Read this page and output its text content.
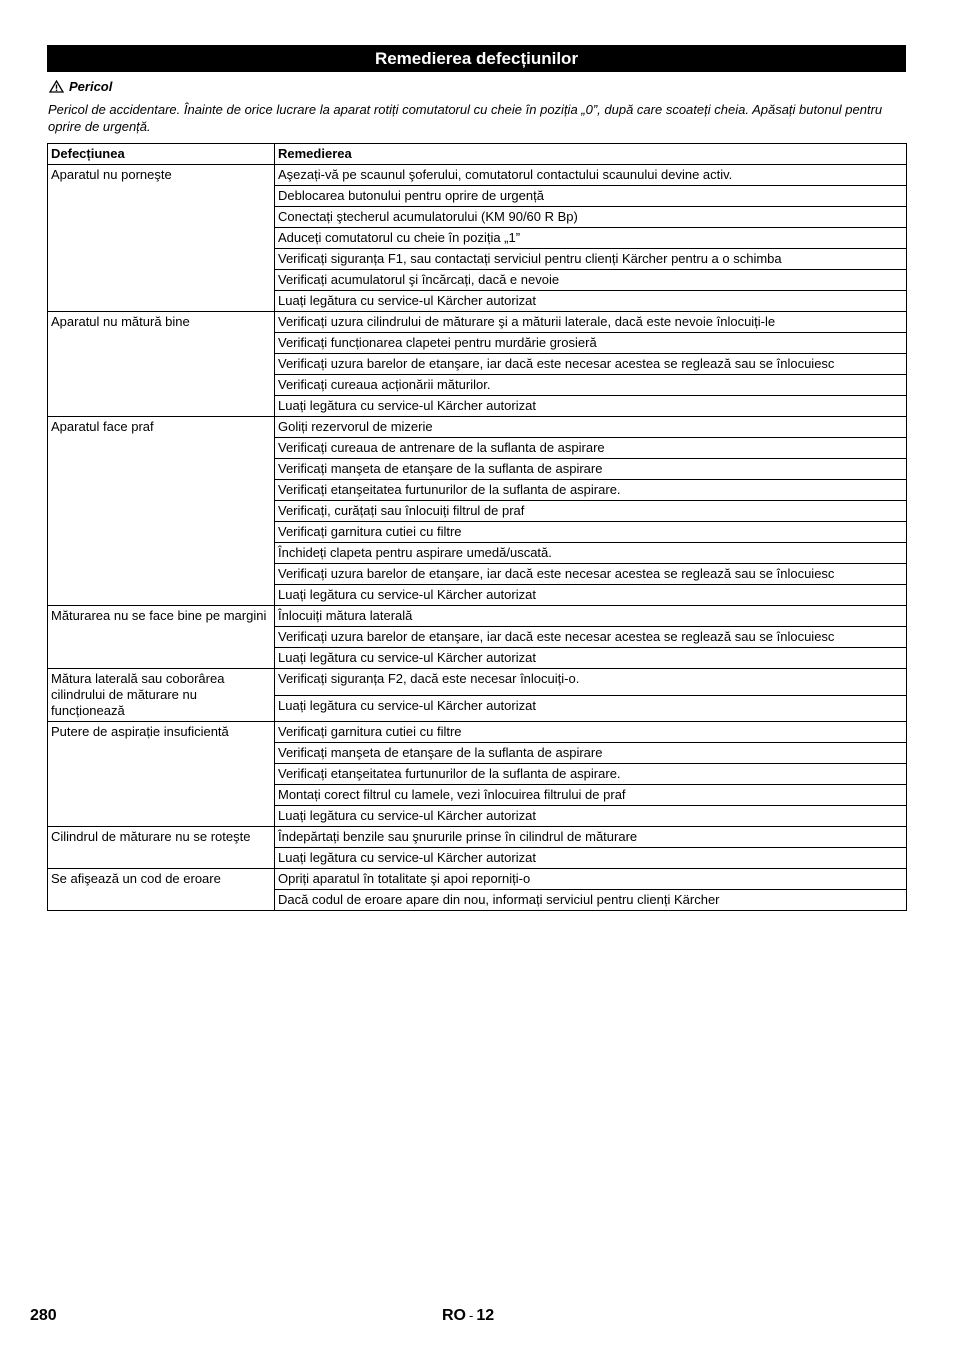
Remedierea defecțiunilor
Pericol
Pericol de accidentare. Înainte de orice lucrare la aparat rotiți comutatorul cu cheie în poziția „0”, după care scoateți cheia. Apăsați butonul pentru oprire de urgență.
Defecțiunea	Remedierea
Aparatul nu porneşte	Aşezați-vă pe scaunul şoferului, comutatorul contactului scaunului devine activ.
	Deblocarea butonului pentru oprire de urgență
	Conectați ştecherul acumulatorului (KM 90/60 R Bp)
	Aduceți comutatorul cu cheie în poziția „1”
	Verificați siguranța F1, sau contactați serviciul pentru clienți Kärcher pentru a o schimba
	Verificați acumulatorul şi încărcați, dacă e nevoie
	Luați legătura cu service-ul Kärcher autorizat
Aparatul nu mătură bine	Verificați uzura cilindrului de măturare şi a măturii laterale, dacă este nevoie înlocuiți-le
	Verificați funcționarea clapetei pentru murdărie grosieră
	Verificați uzura barelor de etanşare, iar dacă este necesar acestea se reglează sau se înlocuiesc
	Verificați cureaua acționării măturilor.
	Luați legătura cu service-ul Kärcher autorizat
Aparatul face praf	Goliți rezervorul de mizerie
	Verificați cureaua de antrenare de la suflanta de aspirare
	Verificați manşeta de etanşare de la suflanta de aspirare
	Verificați etanşeitatea furtunurilor de la suflanta de aspirare.
	Verificați, curățați sau înlocuiți filtrul de praf
	Verificați garnitura cutiei cu filtre
	Închideți clapeta pentru aspirare umedă/uscată.
	Verificați uzura barelor de etanşare, iar dacă este necesar acestea se reglează sau se înlocuiesc
	Luați legătura cu service-ul Kärcher autorizat
Măturarea nu se face bine pe margini	Înlocuiți mătura laterală
	Verificați uzura barelor de etanşare, iar dacă este necesar acestea se reglează sau se înlocuiesc
	Luați legătura cu service-ul Kärcher autorizat
Mătura laterală sau coborârea cilindrului de măturare nu funcționează	Verificați siguranța F2, dacă este necesar înlocuiți-o.
	Luați legătura cu service-ul Kärcher autorizat
Putere de aspirație insuficientă	Verificați garnitura cutiei cu filtre
	Verificați manşeta de etanşare de la suflanta de aspirare
	Verificați etanşeitatea furtunurilor de la suflanta de aspirare.
	Montați corect filtrul cu lamele, vezi înlocuirea filtrului de praf
	Luați legătura cu service-ul Kärcher autorizat
Cilindrul de măturare nu se roteşte	Îndepărtați benzile sau şnururile prinse în cilindrul de măturare
	Luați legătura cu service-ul Kärcher autorizat
Se afişează un cod de eroare	Opriți aparatul în totalitate şi apoi reporniți-o
	Dacă codul de eroare apare din nou, informați serviciul pentru clienți Kärcher
280	RO - 12
